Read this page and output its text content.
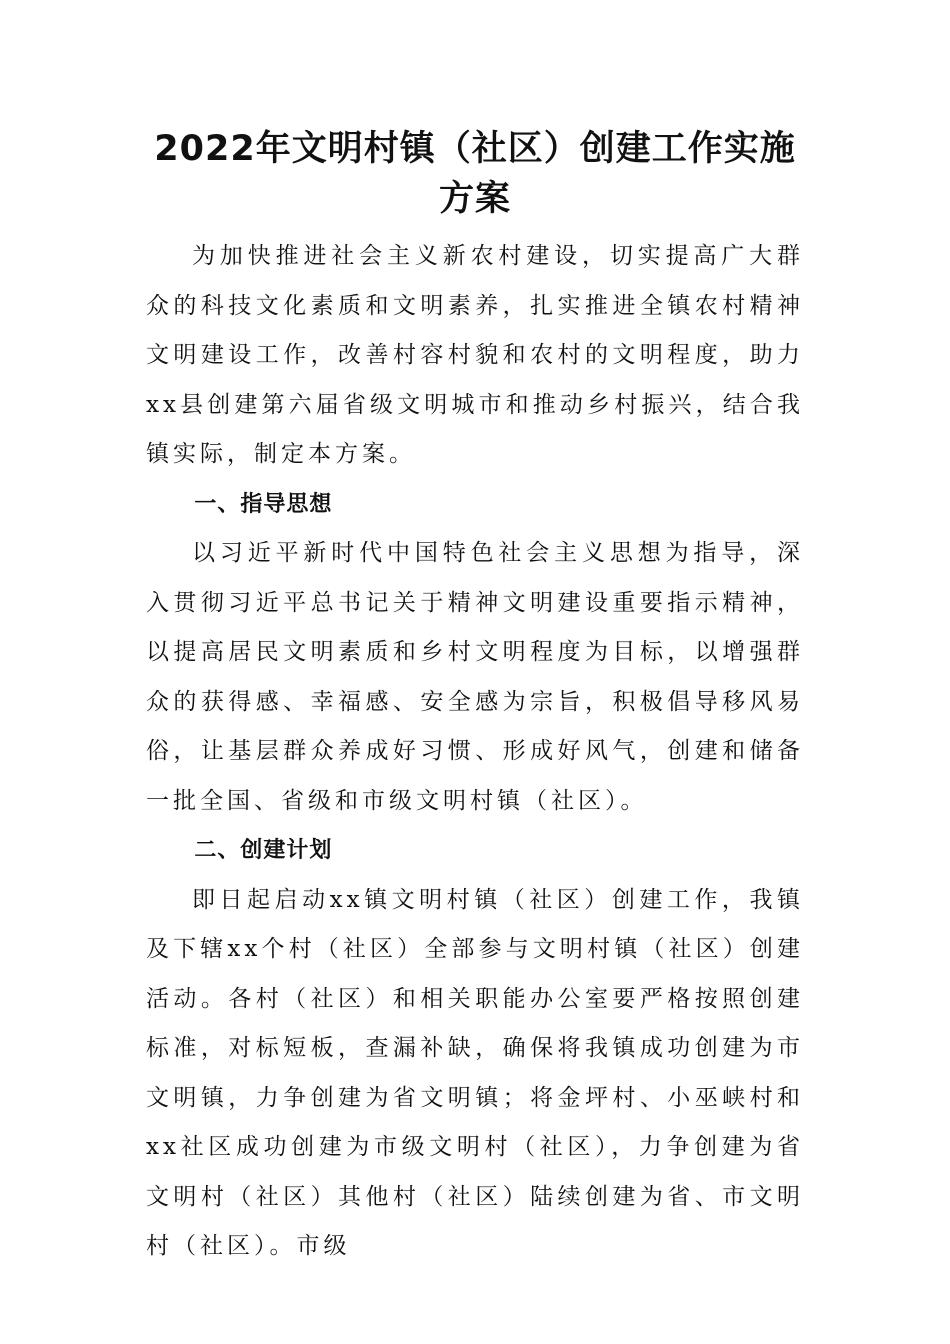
2022年文明村镇（社区）创建工作实施方案

为加快推进社会主义新农村建设，切实提高广大群众的科技文化素质和文明素养，扎实推进全镇农村精神文明建设工作，改善村容村貌和农村的文明程度，助力xx县创建第六届省级文明城市和推动乡村振兴，结合我镇实际，制定本方案。

一、指导思想

以习近平新时代中国特色社会主义思想为指导，深入贯彻习近平总书记关于精神文明建设重要指示精神，以提高居民文明素质和乡村文明程度为目标，以增强群众的获得感、幸福感、安全感为宗旨，积极倡导移风易俗，让基层群众养成好习惯、形成好风气，创建和储备一批全国、省级和市级文明村镇（社区）。

二、创建计划

即日起启动xx镇文明村镇（社区）创建工作，我镇及下辖xx个村（社区）全部参与文明村镇（社区）创建活动。各村（社区）和相关职能办公室要严格按照创建标准，对标短板，查漏补缺，确保将我镇成功创建为市文明镇，力争创建为省文明镇；将金坪村、小巫峡村和xx社区成功创建为市级文明村（社区），力争创建为省文明村（社区）其他村（社区）陆续创建为省、市文明村（社区）。市级
